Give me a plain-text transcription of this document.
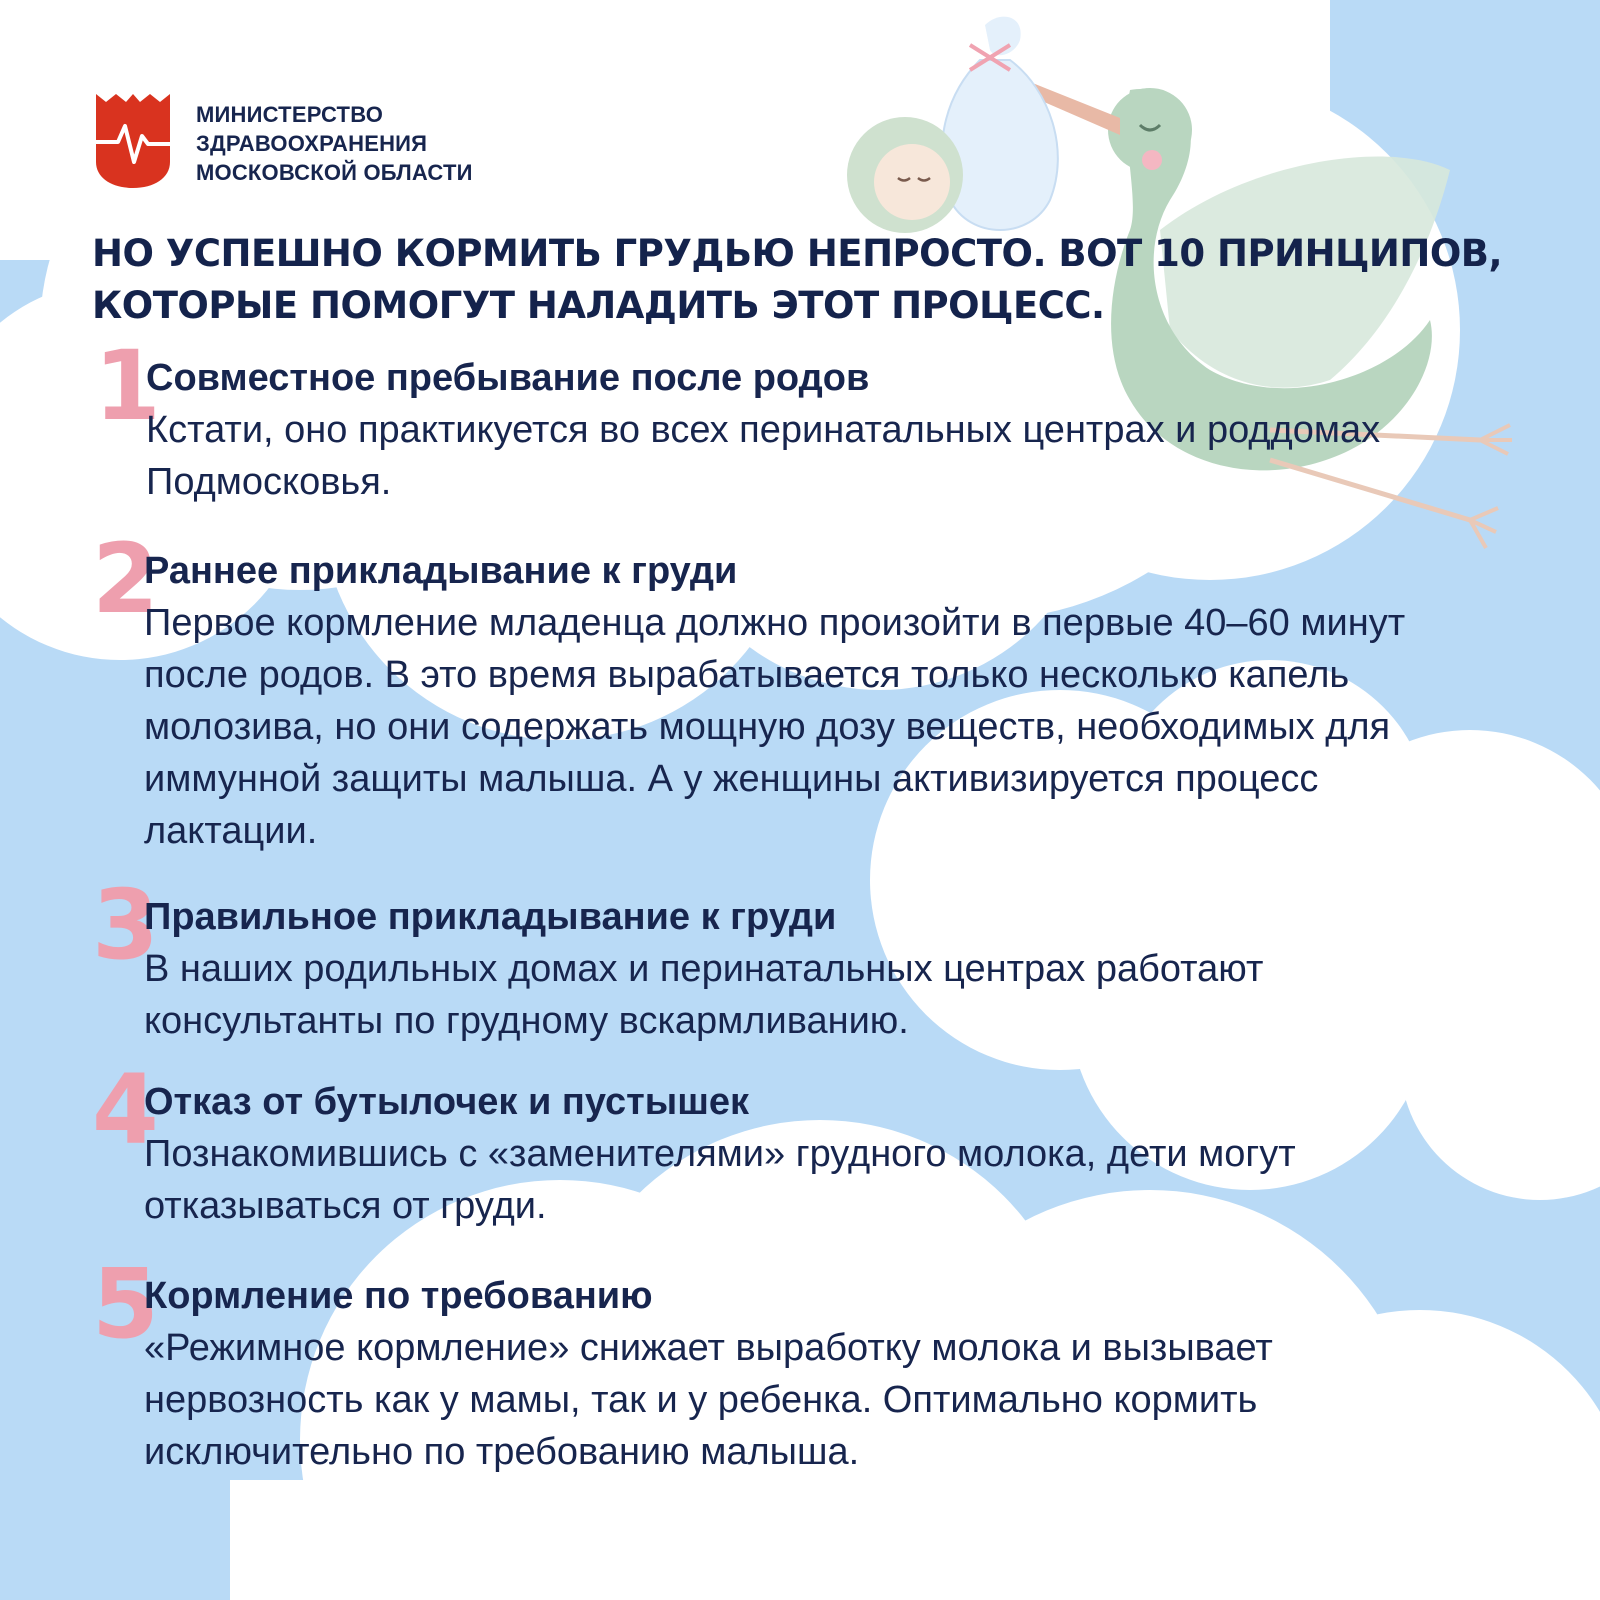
МИНИСТЕРСТВО
ЗДРАВООХРАНЕНИЯ
МОСКОВСКОЙ ОБЛАСТИ
НО УСПЕШНО КОРМИТЬ ГРУДЬЮ НЕПРОСТО. ВОТ 10 ПРИНЦИПОВ, КОТОРЫЕ ПОМОГУТ НАЛАДИТЬ ЭТОТ ПРОЦЕСС.
1
Совместное пребывание после родов
Кстати, оно практикуется во всех перинатальных центрах и роддомах Подмосковья.
2
Раннее прикладывание к груди
Первое кормление младенца должно произойти в первые 40–60 минут после родов. В это время вырабатывается только несколько капель молозива, но они содержать мощную дозу веществ, необходимых для иммунной защиты малыша. А у женщины активизируется процесс лактации.
3
Правильное прикладывание к груди
В наших родильных домах и перинатальных центрах работают консультанты по грудному вскармливанию.
4
Отказ от бутылочек и пустышек
Познакомившись с «заменителями» грудного молока, дети могут отказываться от груди.
5
Кормление по требованию
«Режимное кормление» снижает выработку молока и вызывает нервозность как у мамы, так и у ребенка. Оптимально кормить исключительно по требованию малыша.
